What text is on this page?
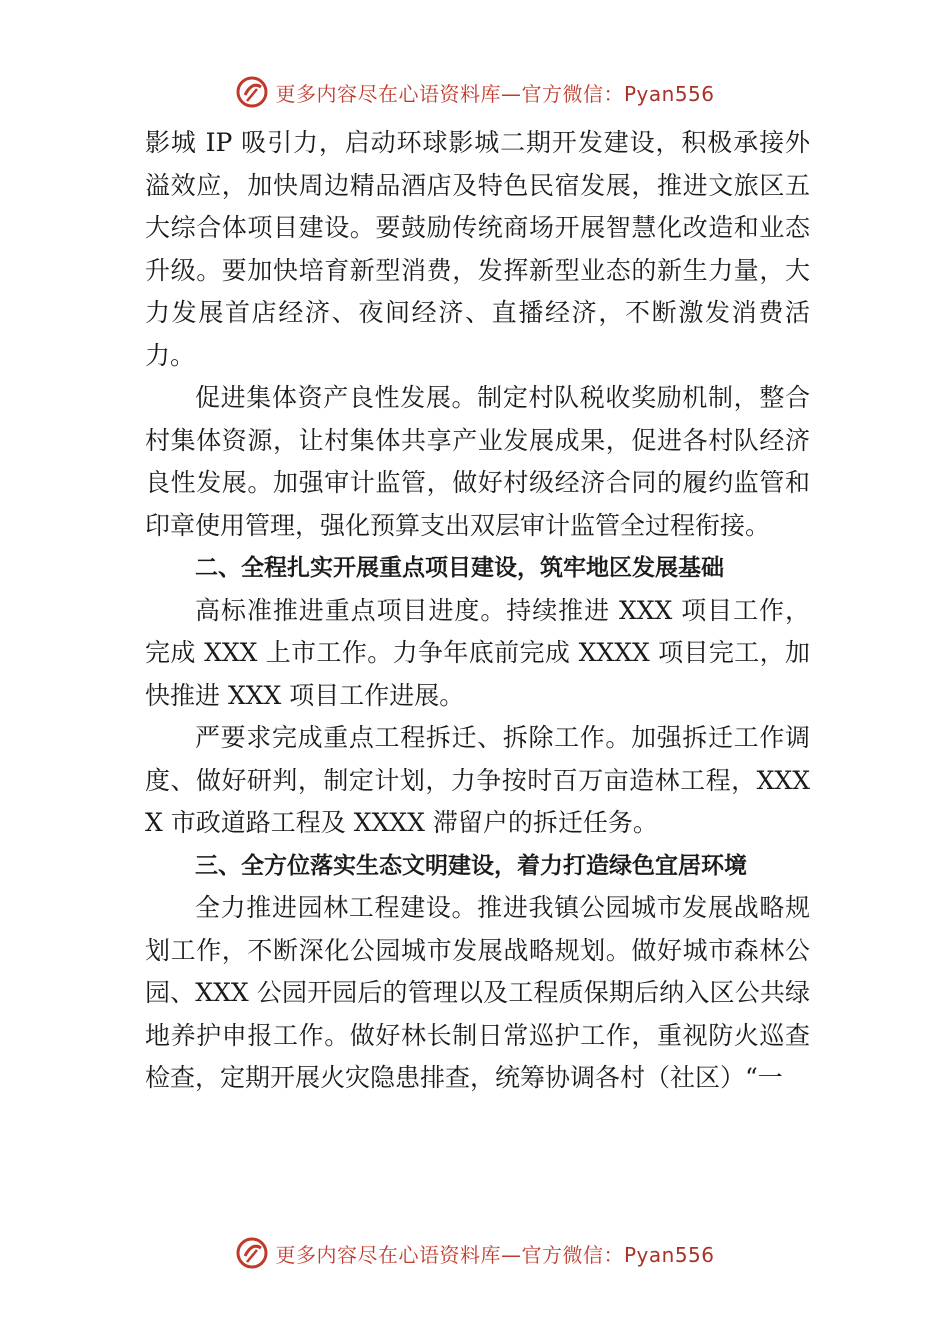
更多内容尽在心语资料库—官方微信：Pyan556

影城 IP 吸引力，启动环球影城二期开发建设，积极承接外溢效应，加快周边精品酒店及特色民宿发展，推进文旅区五大综合体项目建设。要鼓励传统商场开展智慧化改造和业态升级。要加快培育新型消费，发挥新型业态的新生力量，大力发展首店经济、夜间经济、直播经济，不断激发消费活力。

促进集体资产良性发展。制定村队税收奖励机制，整合村集体资源，让村集体共享产业发展成果，促进各村队经济良性发展。加强审计监管，做好村级经济合同的履约监管和印章使用管理，强化预算支出双层审计监管全过程衔接。

二、全程扎实开展重点项目建设，筑牢地区发展基础

高标准推进重点项目进度。持续推进 XXX 项目工作，完成 XXX 上市工作。力争年底前完成 XXXX 项目完工，加快推进 XXX 项目工作进展。

严要求完成重点工程拆迁、拆除工作。加强拆迁工作调度、做好研判，制定计划，力争按时百万亩造林工程，XXXX 市政道路工程及 XXXX 滞留户的拆迁任务。

三、全方位落实生态文明建设，着力打造绿色宜居环境

全力推进园林工程建设。推进我镇公园城市发展战略规划工作，不断深化公园城市发展战略规划。做好城市森林公园、XXX 公园开园后的管理以及工程质保期后纳入区公共绿地养护申报工作。做好林长制日常巡护工作，重视防火巡查检查，定期开展火灾隐患排查，统筹协调各村（社区）“一

更多内容尽在心语资料库—官方微信：Pyan556
